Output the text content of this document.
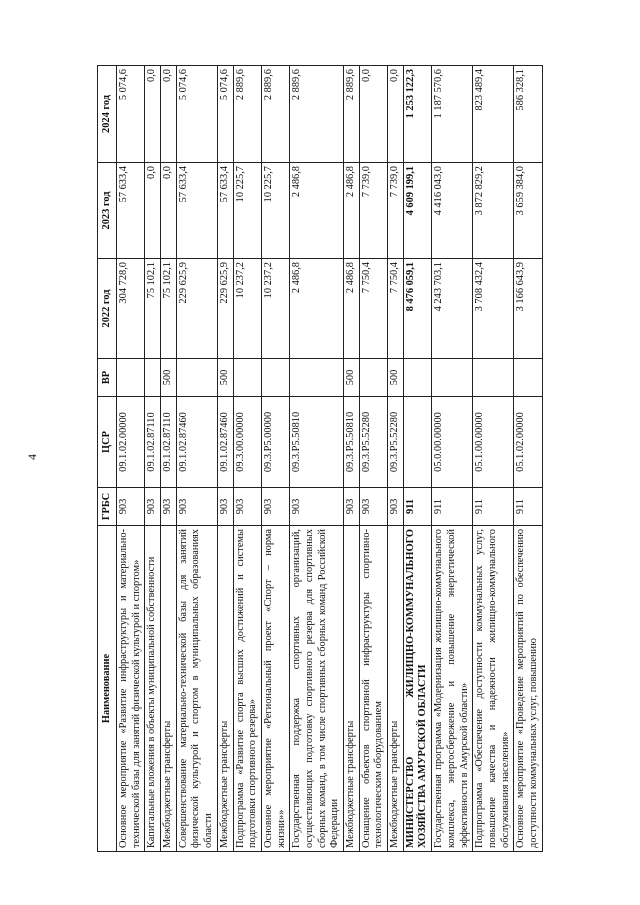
4
Наименование	ГРБС	ЦСР	ВР	2022 год	2023 год	2024 год
Основное мероприятие «Развитие инфраструктуры и материально-технической базы для занятий физической культурой и спортом»	903	09.1.02.00000		304 728,0	57 633,4	5 074,6
Капитальные вложения в объекты муниципальной собственности	903	09.1.02.87110		75 102,1	0,0	0,0
Межбюджетные трансферты	903	09.1.02.87110	500	75 102,1	0,0	0,0
Совершенствование материально-технической базы для занятий физической культурой и спортом в муниципальных образованиях области	903	09.1.02.87460		229 625,9	57 633,4	5 074,6
Межбюджетные трансферты	903	09.1.02.87460	500	229 625,9	57 633,4	5 074,6
Подпрограмма «Развитие спорта высших достижений и системы подготовки спортивного резерва»	903	09.3.00.00000		10 237,2	10 225,7	2 889,6
Основное мероприятие «Региональный проект «Спорт – норма жизни»»	903	09.3.P5.00000		10 237,2	10 225,7	2 889,6
Государственная поддержка спортивных организаций, осуществляющих подготовку спортивного резерва для спортивных сборных команд, в том числе спортивных сборных команд Российской Федерации	903	09.3.P5.50810		2 486,8	2 486,8	2 889,6
Межбюджетные трансферты	903	09.3.P5.50810	500	2 486,8	2 486,8	2 889,6
Оснащение объектов спортивной инфраструктуры спортивно-технологическим оборудованием	903	09.3.P5.52280		7 750,4	7 739,0	0,0
Межбюджетные трансферты	903	09.3.P5.52280	500	7 750,4	7 739,0	0,0
МИНИСТЕРСТВО ЖИЛИЩНО-КОММУНАЛЬНОГО ХОЗЯЙСТВА АМУРСКОЙ ОБЛАСТИ	911			8 476 059,1	4 609 199,1	1 253 122,3
Государственная программа «Модернизация жилищно-коммунального комплекса, энергосбережение и повышение энергетической эффективности в Амурской области»	911	05.0.00.00000		4 243 703,1	4 416 043,0	1 187 570,6
Подпрограмма «Обеспечение доступности коммунальных услуг, повышение качества и надежности жилищно-коммунального обслуживания населения»	911	05.1.00.00000		3 708 432,4	3 872 829,2	823 489,4
Основное мероприятие «Проведение мероприятий по обеспечению доступности коммунальных услуг, повышению	911	05.1.02.00000		3 166 643,9	3 659 384,0	586 328,1
